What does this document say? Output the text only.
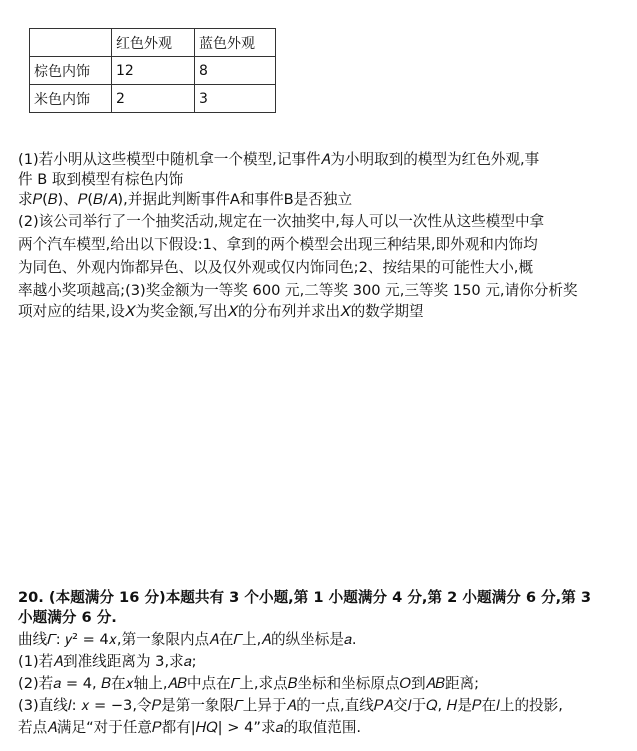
	红色外观	蓝色外观
棕色内饰	12	8
米色内饰	2	3
(1)若小明从这些模型中随机拿一个模型,记事件𝐴为小明取到的模型为红色外观,事
件 B 取到模型有棕色内饰
求𝑃(𝐵)、𝑃(𝐵/𝐴),并据此判断事件A和事件B是否独立
(2)该公司举行了一个抽奖活动,规定在一次抽奖中,每人可以一次性从这些模型中拿
两个汽车模型,给出以下假设:1、拿到的两个模型会出现三种结果,即外观和内饰均
为同色、外观内饰都异色、以及仅外观或仅内饰同色;2、按结果的可能性大小,概
率越小奖项越高;(3)奖金额为一等奖 600 元,二等奖 300 元,三等奖 150 元,请你分析奖
项对应的结果,设𝑋为奖金额,写出𝑋的分布列并求出𝑋的数学期望
20. (本题满分 16 分)本题共有 3 个小题,第 1 小题满分 4 分,第 2 小题满分 6 分,第 3
小题满分 6 分.
曲线𝛤: 𝑦² = 4𝑥,第一象限内点𝐴在𝛤上,𝐴的纵坐标是𝑎.
(1)若𝐴到准线距离为 3,求𝑎;
(2)若𝑎 = 4, 𝐵在𝑥轴上,𝐴𝐵中点在𝛤上,求点𝐵坐标和坐标原点𝑂到𝐴𝐵距离;
(3)直线𝑙: 𝑥 = −3,令𝑃是第一象限𝛤上异于𝐴的一点,直线𝑃𝐴交𝑙于𝑄, 𝐻是𝑃在𝑙上的投影,
若点𝐴满足“对于任意𝑃都有|𝐻𝑄| > 4”求𝑎的取值范围.
